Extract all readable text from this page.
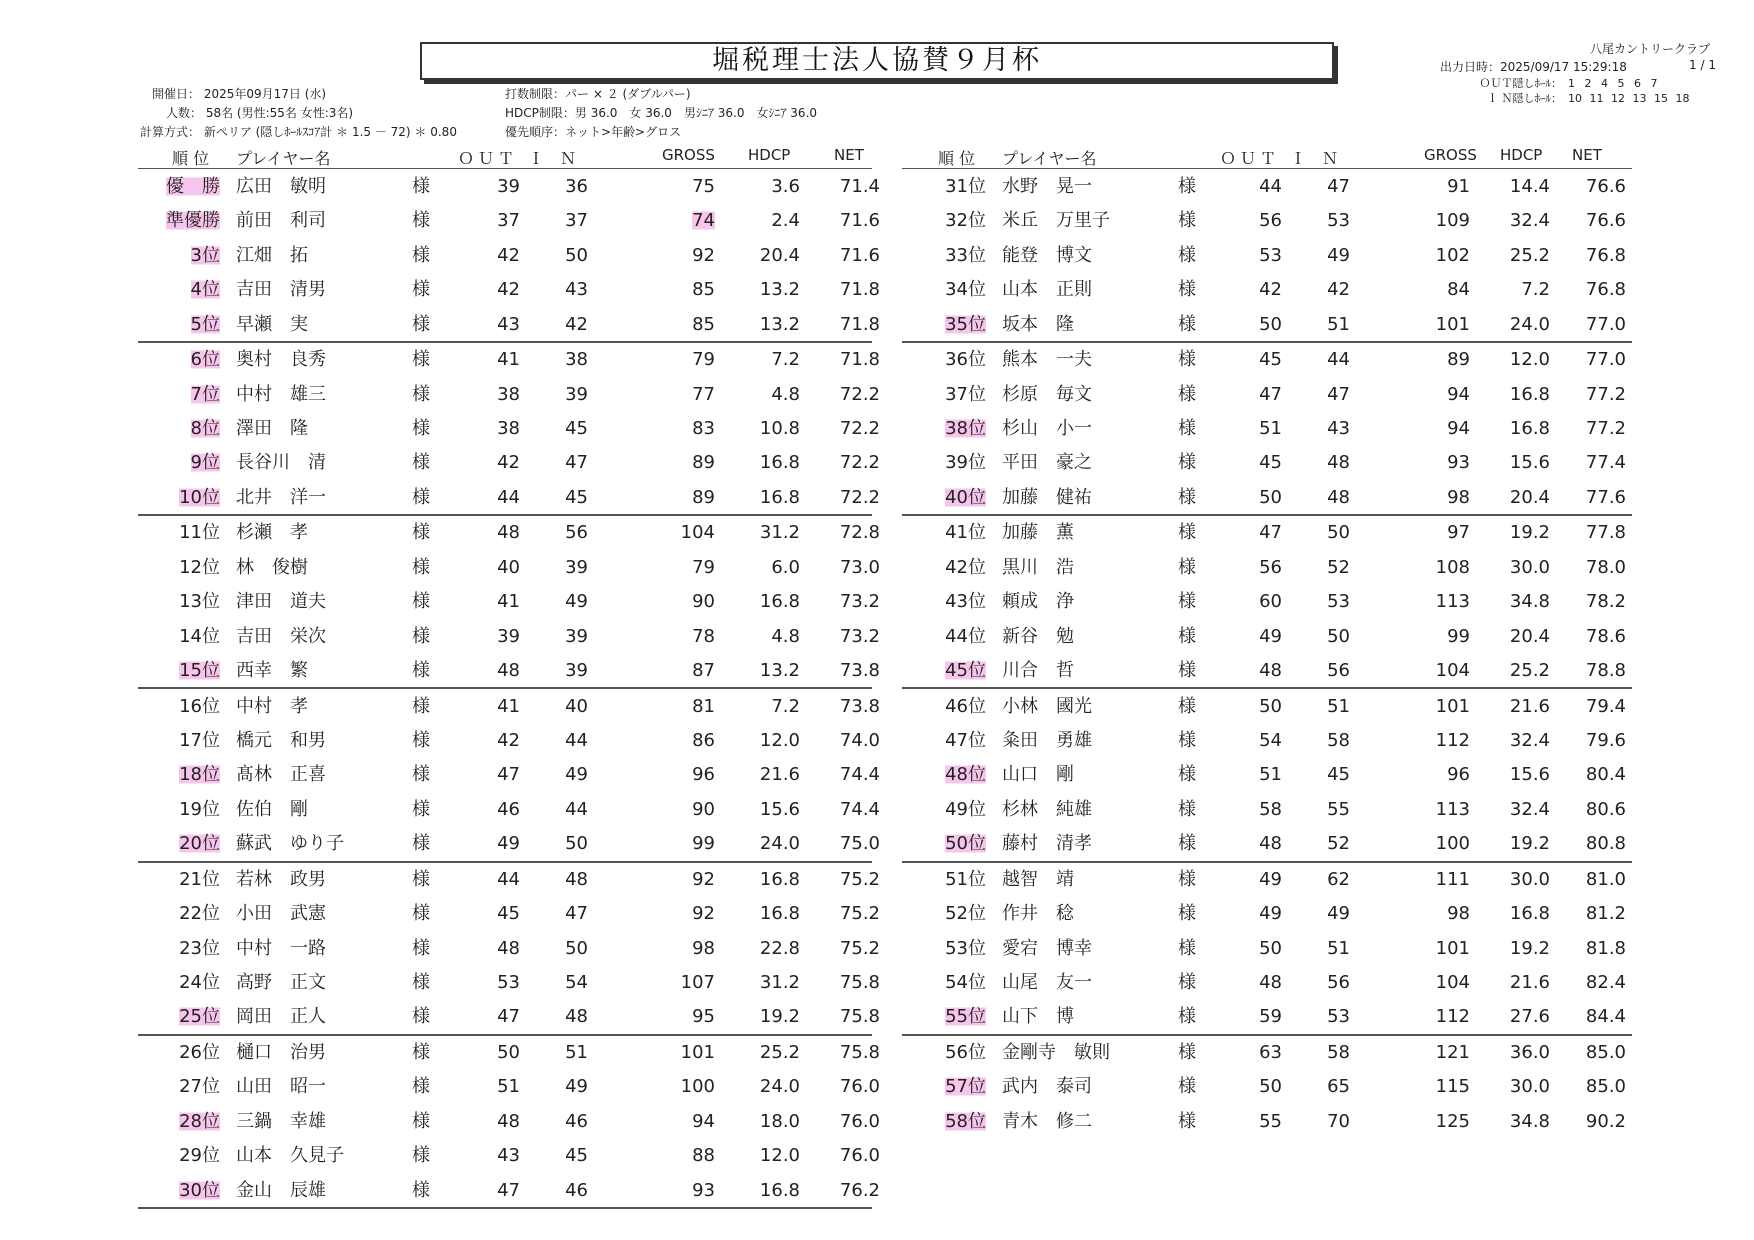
堀税理士法人協賛９月杯	八尾カントリークラブ
出力日時：2025/09/17 15:29:18	1 / 1
ＯＵＴ隠しﾎｰﾙ： 1 2 4 5 6 7
Ｉ Ｎ隠しﾎｰﾙ： 10 11 12 13 15 18
開催日： 2025年09月17日 (水)
人数： 58名 (男性:55名 女性:3名)
計算方式： 新ペリア (隠しﾎｰﾙｽｺｱ計 ＊ 1.5 － 72) ＊ 0.80
打数制限：パー × ２ (ダブルパー)
HDCP制限：男 36.0　女 36.0　男ｼﾆｱ 36.0　女ｼﾆｱ 36.0
優先順序：ネット>年齢>グロス
順 位 プレイヤー名	ＯＵＴ Ｉ　Ｎ	GROSS HDCP	NET	順 位 プレイヤー名	ＯＵＴ Ｉ　Ｎ	GROSS HDCP NET
優　勝 広田　敏明	様	39	36	75	3.6	71.4
準優勝 前田　利司	様	37	37	74	2.4	71.6
3位 江畑　拓	様	42	50	92	20.4	71.6
4位 吉田　清男	様	42	43	85	13.2	71.8
5位 早瀬　実	様	43	42	85	13.2	71.8
6位 奥村　良秀	様	41	38	79	7.2	71.8
7位 中村　雄三	様	38	39	77	4.8	72.2
8位 澤田　隆	様	38	45	83	10.8	72.2
9位 長谷川　清	様	42	47	89	16.8	72.2
10位 北井　洋一	様	44	45	89	16.8	72.2
11位 杉瀬　孝	様	48	56	104	31.2	72.8
12位 林　俊樹	様	40	39	79	6.0	73.0
13位 津田　道夫	様	41	49	90	16.8	73.2
14位 吉田　栄次	様	39	39	78	4.8	73.2
15位 西幸　繁	様	48	39	87	13.2	73.8
16位 中村　孝	様	41	40	81	7.2	73.8
17位 橋元　和男	様	42	44	86	12.0	74.0
18位 髙林　正喜	様	47	49	96	21.6	74.4
19位 佐伯　剛	様	46	44	90	15.6	74.4
20位 蘇武　ゆり子	様	49	50	99	24.0	75.0
21位 若林　政男	様	44	48	92	16.8	75.2
22位 小田　武憲	様	45	47	92	16.8	75.2
23位 中村　一路	様	48	50	98	22.8	75.2
24位 高野　正文	様	53	54	107	31.2	75.8
25位 岡田　正人	様	47	48	95	19.2	75.8
26位 樋口　治男	様	50	51	101	25.2	75.8
27位 山田　昭一	様	51	49	100	24.0	76.0
28位 三鍋　幸雄	様	48	46	94	18.0	76.0
29位 山本　久見子	様	43	45	88	12.0	76.0
30位 金山　辰雄	様	47	46	93	16.8	76.2
31位 水野　晃一	様	44	47	91	14.4	76.6
32位 米丘　万里子	様	56	53	109	32.4	76.6
33位 能登　博文	様	53	49	102	25.2	76.8
34位 山本　正則	様	42	42	84	7.2	76.8
35位 坂本　隆	様	50	51	101	24.0	77.0
36位 熊本　一夫	様	45	44	89	12.0	77.0
37位 杉原　毎文	様	47	47	94	16.8	77.2
38位 杉山　小一	様	51	43	94	16.8	77.2
39位 平田　豪之	様	45	48	93	15.6	77.4
40位 加藤　健祐	様	50	48	98	20.4	77.6
41位 加藤　薫	様	47	50	97	19.2	77.8
42位 黒川　浩	様	56	52	108	30.0	78.0
43位 頼成　浄	様	60	53	113	34.8	78.2
44位 新谷　勉	様	49	50	99	20.4	78.6
45位 川合　哲	様	48	56	104	25.2	78.8
46位 小林　國光	様	50	51	101	21.6	79.4
47位 粂田　勇雄	様	54	58	112	32.4	79.6
48位 山口　剛	様	51	45	96	15.6	80.4
49位 杉林　純雄	様	58	55	113	32.4	80.6
50位 藤村　清孝	様	48	52	100	19.2	80.8
51位 越智　靖	様	49	62	111	30.0	81.0
52位 作井　稔	様	49	49	98	16.8	81.2
53位 愛宕　博幸	様	50	51	101	19.2	81.8
54位 山尾　友一	様	48	56	104	21.6	82.4
55位 山下　博	様	59	53	112	27.6	84.4
56位 金剛寺　敏則	様	63	58	121	36.0	85.0
57位 武内　泰司	様	50	65	115	30.0	85.0
58位 青木　修二	様	55	70	125	34.8	90.2
